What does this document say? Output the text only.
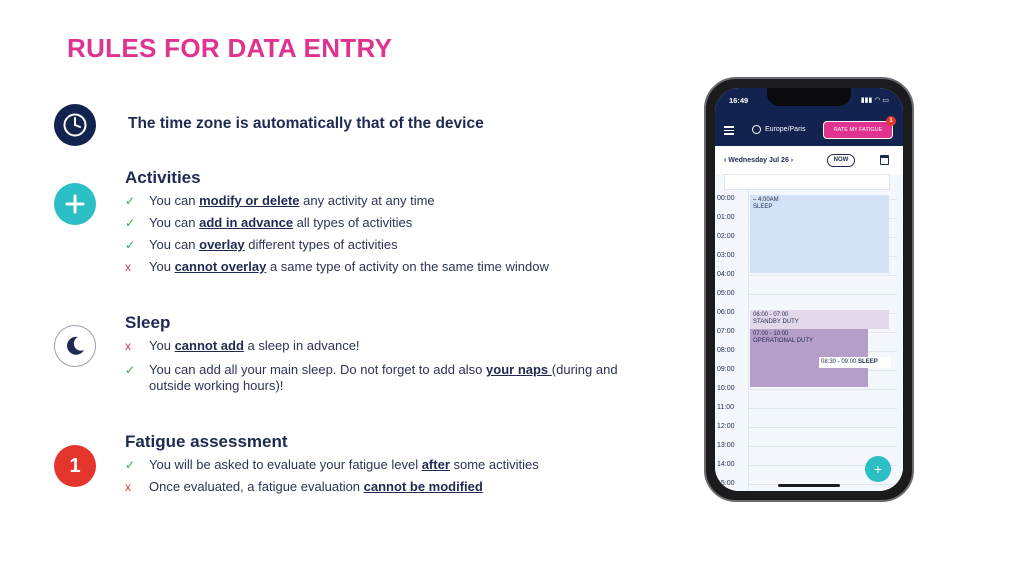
RULES FOR DATA ENTRY
The time zone is automatically that of the device
Activities
✓	You can modify or delete any activity at any time
✓	You can add in advance all types of activities
✓	You can overlay different types of activities
x	You cannot overlay a same type of activity on the same time window
Sleep
x	You cannot add a sleep in advance!
✓	You can add all your main sleep. Do not forget to add also your naps (during and outside working hours)!
1
Fatigue assessment
✓	You will be asked to evaluate your fatigue level after some activities
x	Once evaluated, a fatigue evaluation cannot be modified
16:49	▮▮▮ ◠ ▭
Europe/Paris	RATE MY FATIGUE
1
‹ Wednesday Jul 26 ›	NOW
00:00
01:00
02:00
03:00
04:00
05:00
06:00
07:00
08:00
09:00
10:00
11:00
12:00
13:00
14:00
15:00
– 4:00AM
SLEEP
06:00 - 07:00
STANDBY DUTY
07:00 - 10:00
OPERATIONAL DUTY
08:30 - 09:00 SLEEP
+
